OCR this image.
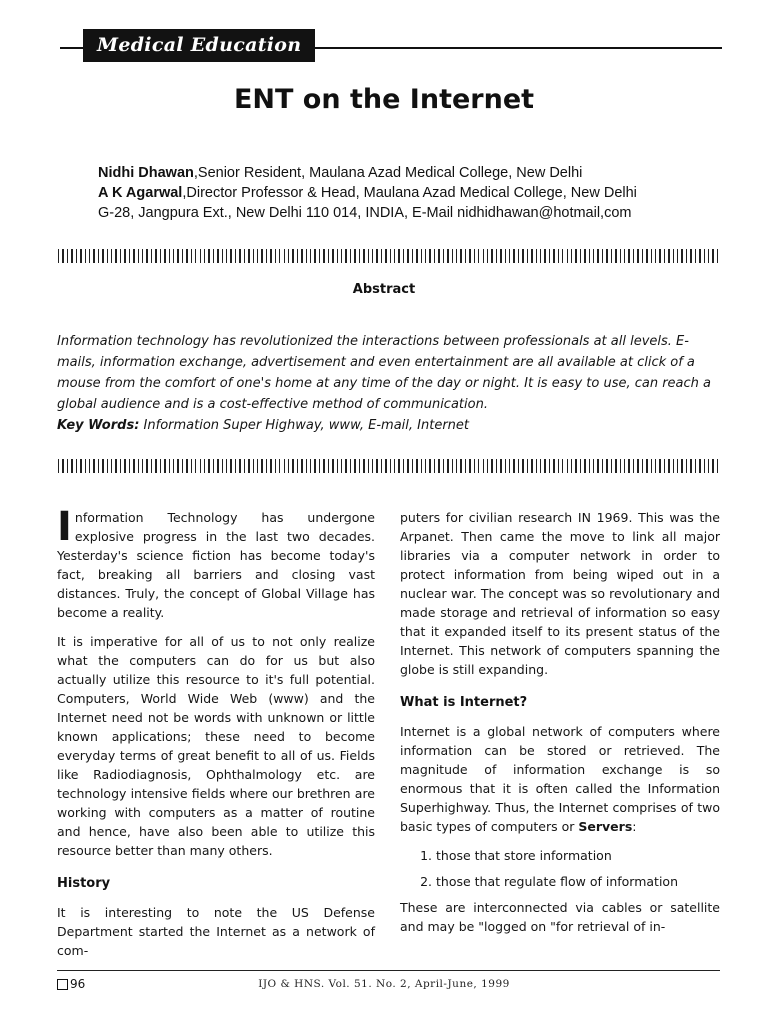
Medical Education
ENT on the Internet
Nidhi Dhawan,Senior Resident, Maulana Azad Medical College, New Delhi
A K Agarwal,Director Professor & Head, Maulana Azad Medical College, New Delhi
G-28, Jangpura Ext., New Delhi 110 014, INDIA, E-Mail nidhidhawan@hotmail,com
Abstract

Information technology has revolutionized the interactions between professionals at all levels. E-mails, information exchange, advertisement and even entertainment are all available at click of a mouse from the comfort of one's home at any time of the day or night. It is easy to use, can reach a global audience and is a cost-effective method of communication.

Key Words: Information Super Highway, www, E-mail, Internet

Information Technology has undergone explosive progress in the last two decades. Yesterday's science fiction has become today's fact, breaking all barriers and closing vast distances. Truly, the concept of Global Village has become a reality.

It is imperative for all of us to not only realize what the computers can do for us but also actually utilize this resource to it's full potential. Computers, World Wide Web (www) and the Internet need not be words with unknown or little known applications; these need to become everyday terms of great benefit to all of us. Fields like Radiodiagnosis, Ophthalmology etc. are technology intensive fields where our brethren are working with computers as a matter of routine and hence, have also been able to utilize this resource better than many others.

History

It is interesting to note the US Defense Department started the Internet as a network of com-

puters for civilian research IN 1969. This was the Arpanet. Then came the move to link all major libraries via a computer network in order to protect information from being wiped out in a nuclear war. The concept was so revolutionary and made storage and retrieval of information so easy that it expanded itself to its present status of the Internet. This network of computers spanning the globe is still expanding.

What is Internet?

Internet is a global network of computers where information can be stored or retrieved. The magnitude of information exchange is so enormous that it is often called the Information Superhighway. Thus, the Internet comprises of two basic types of computers or Servers:

1. those that store information
2. those that regulate flow of information

These are interconnected via cables or satellite and may be "logged on "for retrieval of in-

96	IJO & HNS. Vol. 51. No. 2, April-June, 1999
